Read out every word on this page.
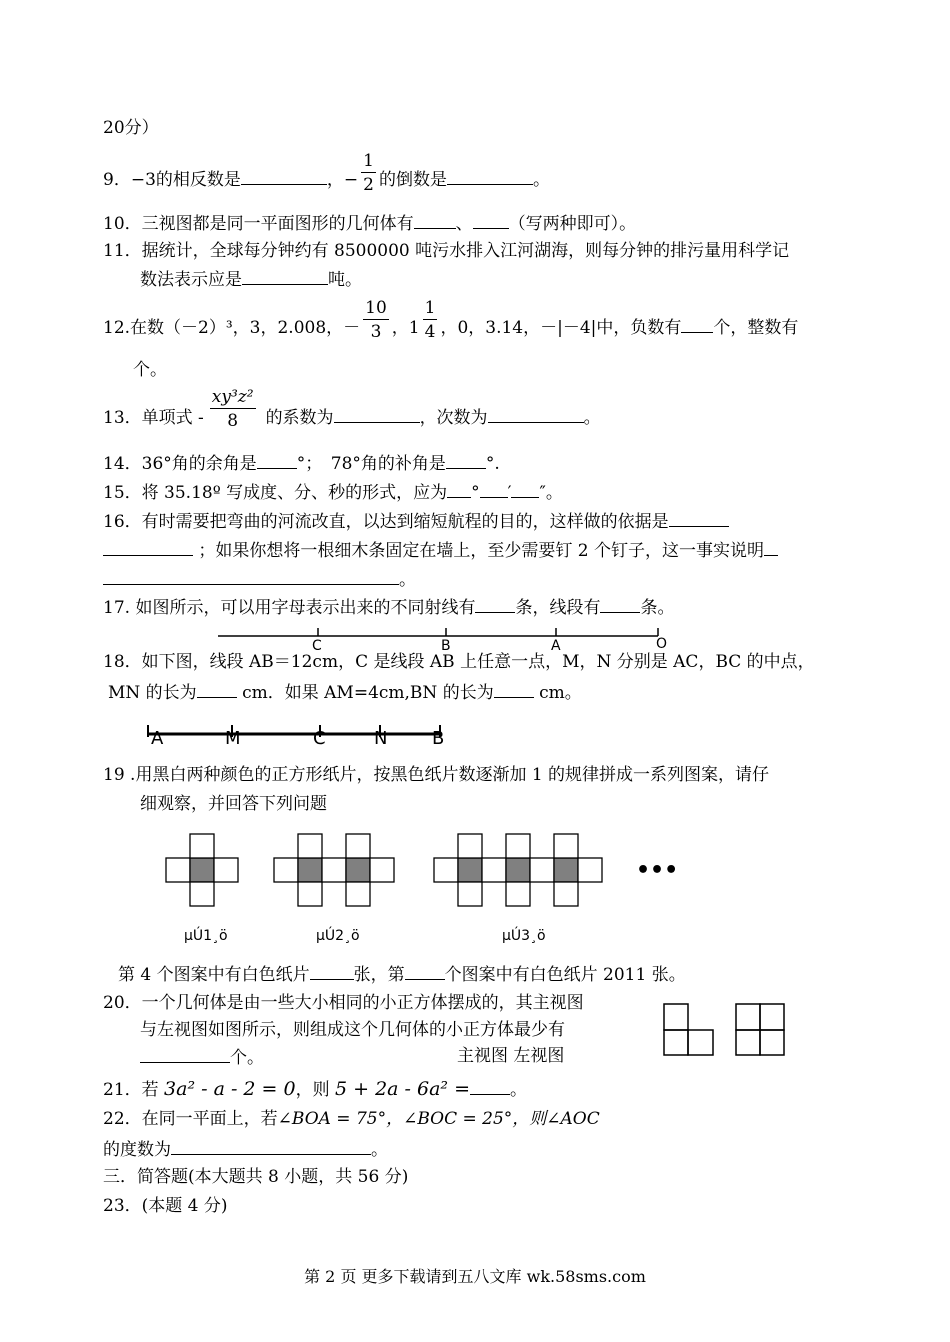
20分）
9．−3的相反数是	，− $\frac{1}{2}$ 的倒数是	。
10．三视图都是同一平面图形的几何体有 、 （写两种即可）。
11．据统计，全球每分钟约有 8500000 吨污水排入江河湖海，则每分钟的排污量用科学记
数法表示应是	吨。
12.在数（－2）³，3，2.008，－ $\frac{10}{3}$ ，$1 \frac{1}{4}$ ，0，3.14，－|－4|中，负数有 个，整数有
个。
13．单项式 - $\frac{\text{xy³z²}}{8}$ 的系数为	，次数为	。
14．36°角的余角是 °；　78°角的补角是 °.
15．将 35.18º 写成度、分、秒的形式，应为 ° ′ ″。
16．有时需要把弯曲的河流改直，以达到缩短航程的目的，这样做的依据是
；如果你想将一根细木条固定在墙上，至少需要钉 2 个钉子，这一事实说明
。
17. 如图所示，可以用字母表示出来的不同射线有 条，线段有 条。
C	B	A	O
18．如下图，线段 AB＝12cm，C 是线段 AB 上任意一点，M，N 分别是 AC，BC 的中点，
MN 的长为 cm．如果 AM=4cm,BN 的长为 cm。
A	M	C	N B
19 .用黑白两种颜色的正方形纸片，按黑色纸片数逐渐加 1 的规律拼成一系列图案，请仔
细观察，并回答下列问题
µÚ1¸ö	µÚ2¸ö	µÚ3¸ö
•••
第 4 个图案中有白色纸片	张，第 个图案中有白色纸片 2011 张。
20．一个几何体是由一些大小相同的小正方体摆成的，其主视图
与左视图如图所示，则组成这个几何体的小正方体最少有
个。	主视图 左视图
21．若 3a² - a - 2 = 0，则 5 + 2a - 6a² = 。
22．在同一平面上，若∠BOA = 75°，∠BOC = 25°，则∠AOC
的度数为	。
三．简答题(本大题共 8 小题，共 56 分)
23．(本题 4 分)
第 2 页 更多下载请到五八文库 wk.58sms.com
